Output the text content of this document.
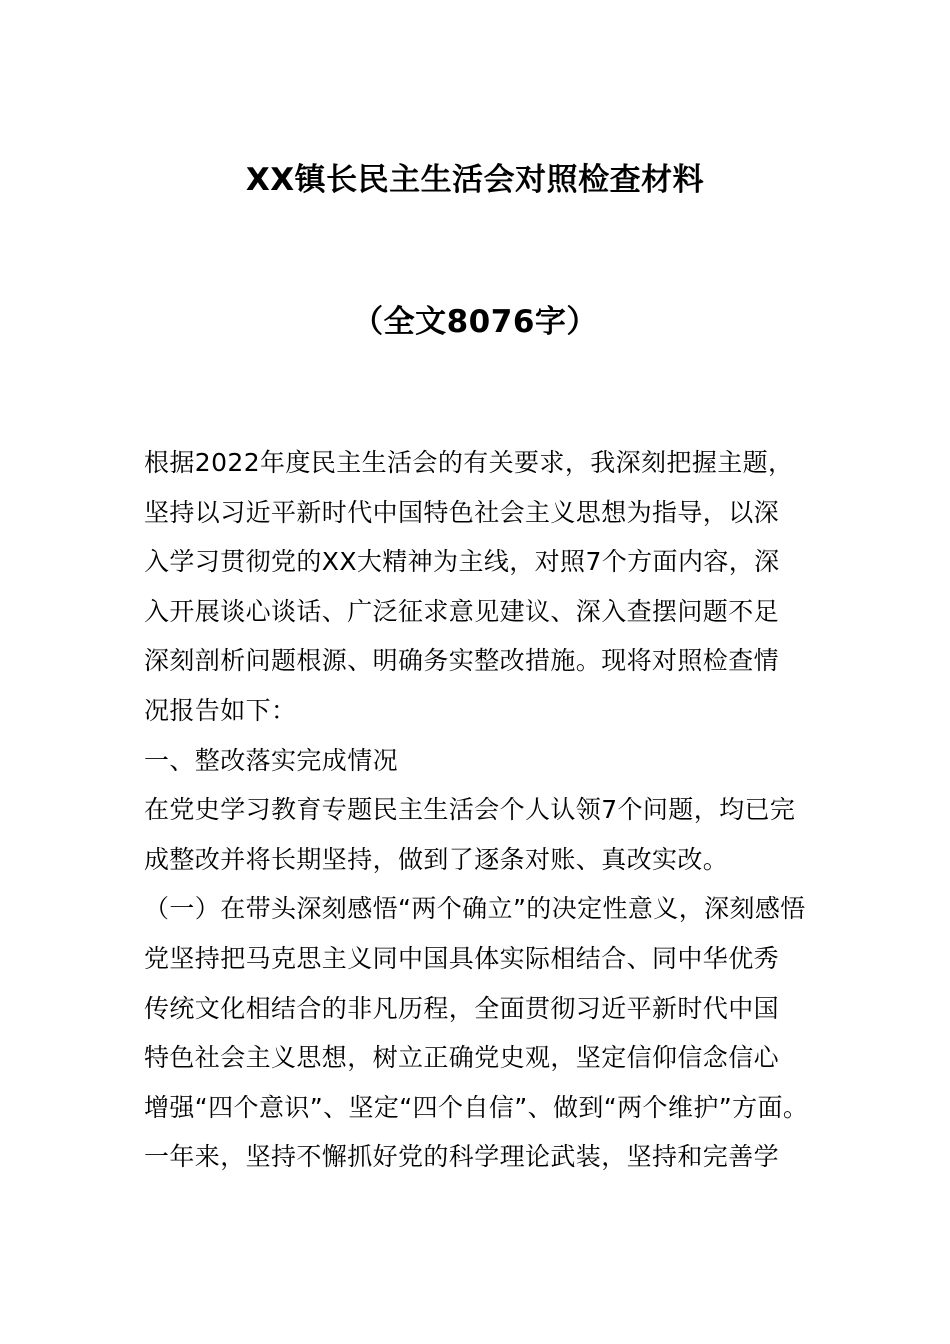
XX镇长民主生活会对照检查材料
（全文8076字）

根据2022年度民主生活会的有关要求，我深刻把握主题，

坚持以习近平新时代中国特色社会主义思想为指导，以深

入学习贯彻党的XX大精神为主线，对照7个方面内容，深

入开展谈心谈话、广泛征求意见建议、深入查摆问题不足

深刻剖析问题根源、明确务实整改措施。现将对照检查情

况报告如下：

一、整改落实完成情况

在党史学习教育专题民主生活会个人认领7个问题，均已完

成整改并将长期坚持，做到了逐条对账、真改实改。

（一）在带头深刻感悟“两个确立”的决定性意义，深刻感悟

党坚持把马克思主义同中国具体实际相结合、同中华优秀

传统文化相结合的非凡历程，全面贯彻习近平新时代中国

特色社会主义思想，树立正确党史观，坚定信仰信念信心

增强“四个意识”、坚定“四个自信”、做到“两个维护”方面。

一年来，坚持不懈抓好党的科学理论武装，坚持和完善学
